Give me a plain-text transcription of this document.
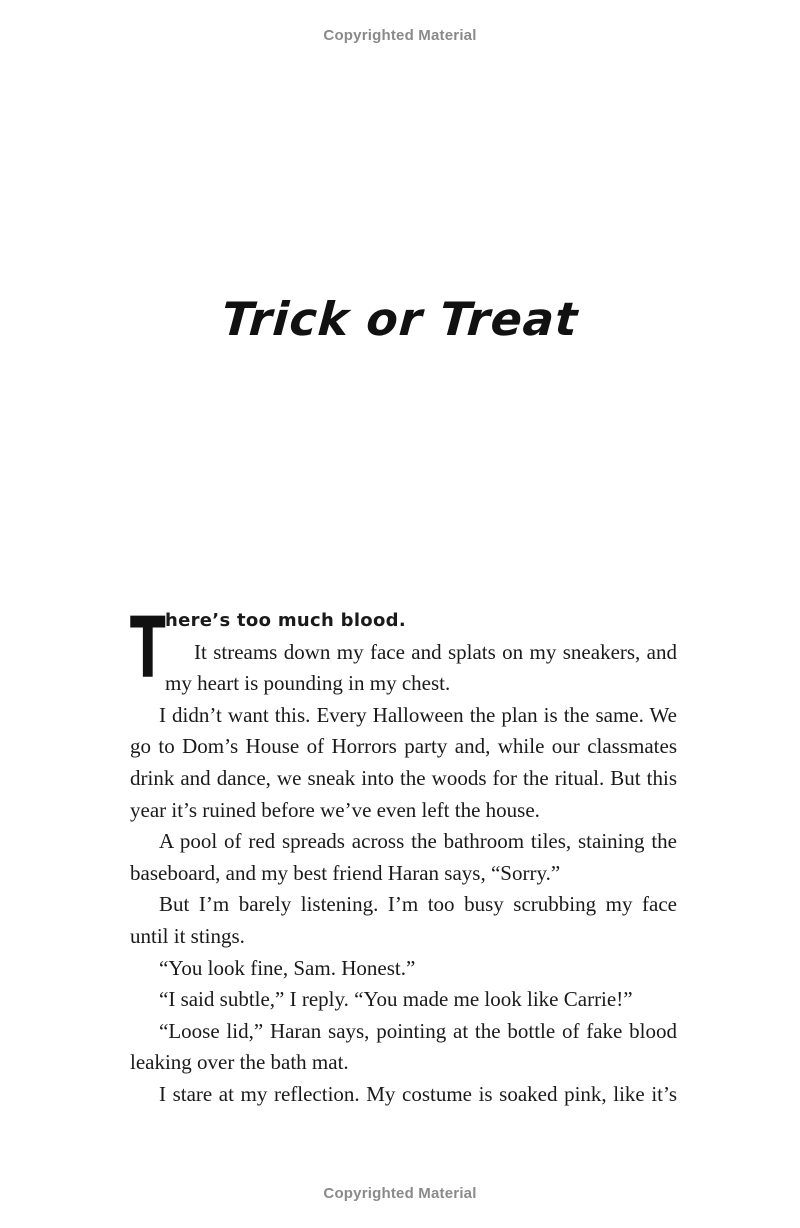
Copyrighted Material
Trick or Treat
T here’s too much blood.

It streams down my face and splats on my sneakers, and my heart is pounding in my chest.

I didn’t want this. Every Halloween the plan is the same. We go to Dom’s House of Horrors party and, while our classmates drink and dance, we sneak into the woods for the ritual. But this year it’s ruined before we’ve even left the house.

A pool of red spreads across the bathroom tiles, staining the baseboard, and my best friend Haran says, “Sorry.”

But I’m barely listening. I’m too busy scrubbing my face until it stings.

“You look fine, Sam. Honest.”

“I said subtle,” I reply. “You made me look like Carrie!”

“Loose lid,” Haran says, pointing at the bottle of fake blood leaking over the bath mat.

I stare at my reflection. My costume is soaked pink, like it’s

Copyrighted Material
